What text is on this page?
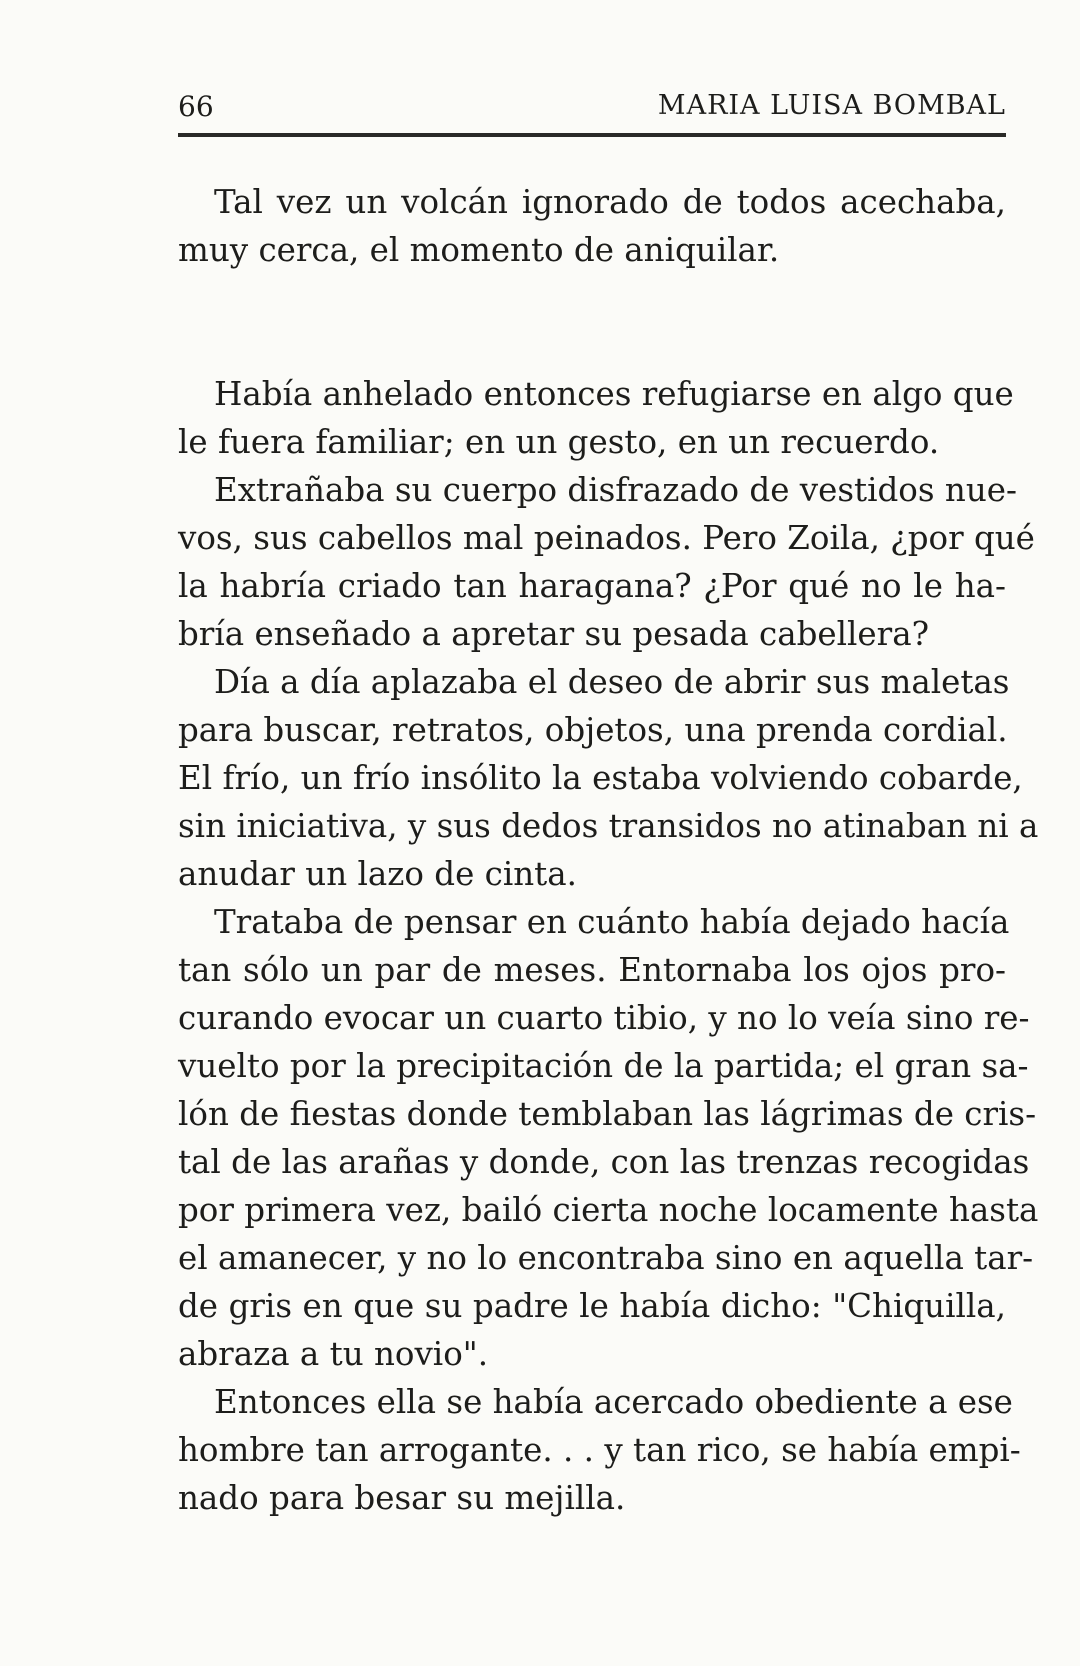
66	MARIA LUISA BOMBAL
Tal vez un volcán ignorado de todos acechaba,
muy cerca, el momento de aniquilar.
Había anhelado entonces refugiarse en algo que
le fuera familiar; en un gesto, en un recuerdo.
Extrañaba su cuerpo disfrazado de vestidos nue-
vos, sus cabellos mal peinados. Pero Zoila, ¿por qué
la habría criado tan haragana? ¿Por qué no le ha-
bría enseñado a apretar su pesada cabellera?
Día a día aplazaba el deseo de abrir sus maletas
para buscar, retratos, objetos, una prenda cordial.
El frío, un frío insólito la estaba volviendo cobarde,
sin iniciativa, y sus dedos transidos no atinaban ni a
anudar un lazo de cinta.
Trataba de pensar en cuánto había dejado hacía
tan sólo un par de meses. Entornaba los ojos pro-
curando evocar un cuarto tibio, y no lo veía sino re-
vuelto por la precipitación de la partida; el gran sa-
lón de fiestas donde temblaban las lágrimas de cris-
tal de las arañas y donde, con las trenzas recogidas
por primera vez, bailó cierta noche locamente hasta
el amanecer, y no lo encontraba sino en aquella tar-
de gris en que su padre le había dicho: "Chiquilla,
abraza a tu novio".
Entonces ella se había acercado obediente a ese
hombre tan arrogante. . . y tan rico, se había empi-
nado para besar su mejilla.
